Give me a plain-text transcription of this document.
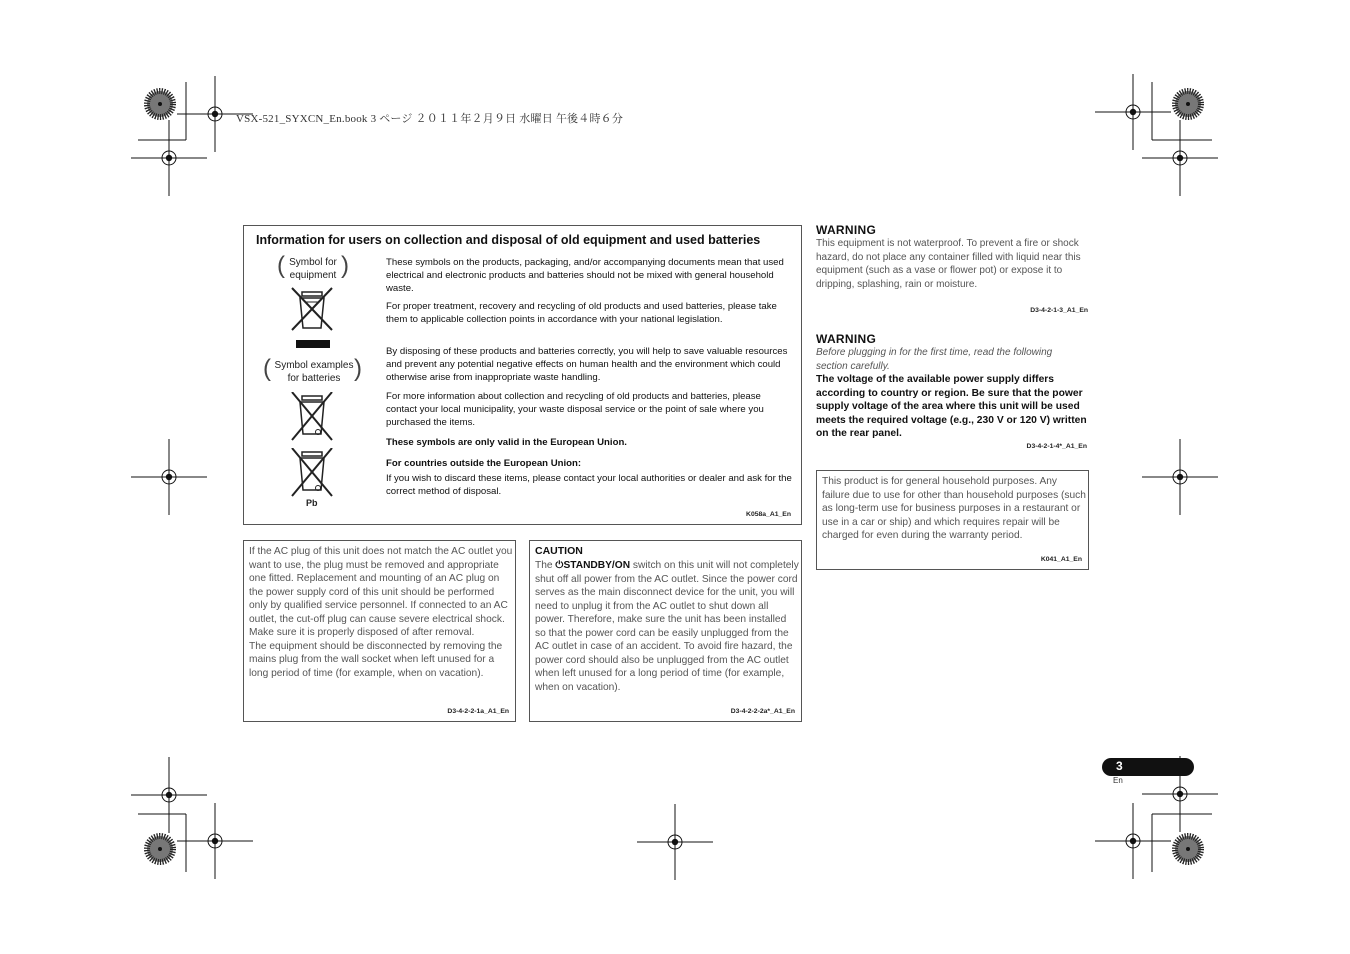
VSX-521_SYXCN_En.book 3 ページ ２０１１年２月９日 水曜日 午後４時６分
Information for users on collection and disposal of old equipment and used batteries
( Symbol for
equipment )
( Symbol examples
for batteries )
Pb

These symbols on the products, packaging, and/or accompanying documents mean that used electrical and electronic products and batteries should not be mixed with general household waste.

For proper treatment, recovery and recycling of old products and used batteries, please take them to applicable collection points in accordance with your national legislation.

By disposing of these products and batteries correctly, you will help to save valuable resources and prevent any potential negative effects on human health and the environment which could otherwise arise from inappropriate waste handling.

For more information about collection and recycling of old products and batteries, please contact your local municipality, your waste disposal service or the point of sale where you purchased the items.

These symbols are only valid in the European Union.

For countries outside the European Union:

If you wish to discard these items, please contact your local authorities or dealer and ask for the correct method of disposal.

K058a_A1_En
If the AC plug of this unit does not match the AC outlet you want to use, the plug must be removed and appropriate one fitted. Replacement and mounting of an AC plug on the power supply cord of this unit should be performed only by qualified service personnel. If connected to an AC outlet, the cut-off plug can cause severe electrical shock. Make sure it is properly disposed of after removal.
The equipment should be disconnected by removing the mains plug from the wall socket when left unused for a long period of time (for example, when on vacation).
D3-4-2-2-1a_A1_En
CAUTION
The ⏻STANDBY/ON switch on this unit will not completely shut off all power from the AC outlet. Since the power cord serves as the main disconnect device for the unit, you will need to unplug it from the AC outlet to shut down all power. Therefore, make sure the unit has been installed so that the power cord can be easily unplugged from the AC outlet in case of an accident. To avoid fire hazard, the power cord should also be unplugged from the AC outlet when left unused for a long period of time (for example, when on vacation).
D3-4-2-2-2a*_A1_En
WARNING
This equipment is not waterproof. To prevent a fire or shock hazard, do not place any container filled with liquid near this equipment (such as a vase or flower pot) or expose it to dripping, splashing, rain or moisture.
D3-4-2-1-3_A1_En
WARNING
Before plugging in for the first time, read the following section carefully.
The voltage of the available power supply differs according to country or region. Be sure that the power supply voltage of the area where this unit will be used meets the required voltage (e.g., 230 V or 120 V) written on the rear panel.
D3-4-2-1-4*_A1_En
This product is for general household purposes. Any failure due to use for other than household purposes (such as long-term use for business purposes in a restaurant or use in a car or ship) and which requires repair will be charged for even during the warranty period.
K041_A1_En
3
En
